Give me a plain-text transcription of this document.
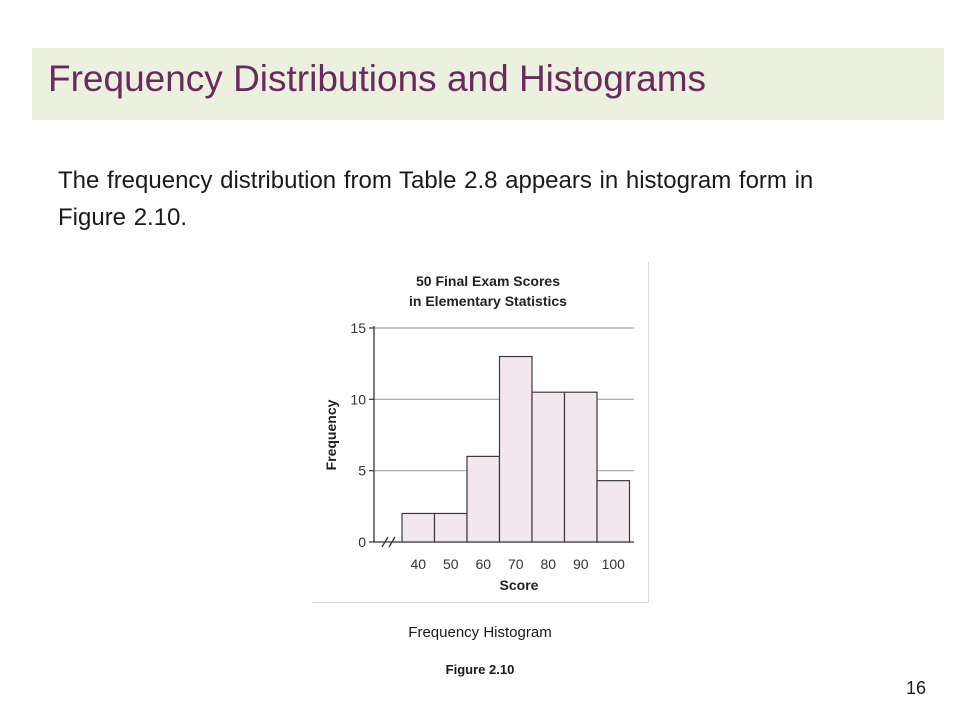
Frequency Distributions and Histograms

The frequency distribution from Table 2.8 appears in histogram form in Figure 2.10.

50 Final Exam Scores
in Elementary Statistics
0
5
10
15
40 50 60 70 80 90 100
Score
Frequency
Frequency Histogram
Figure 2.10
16
